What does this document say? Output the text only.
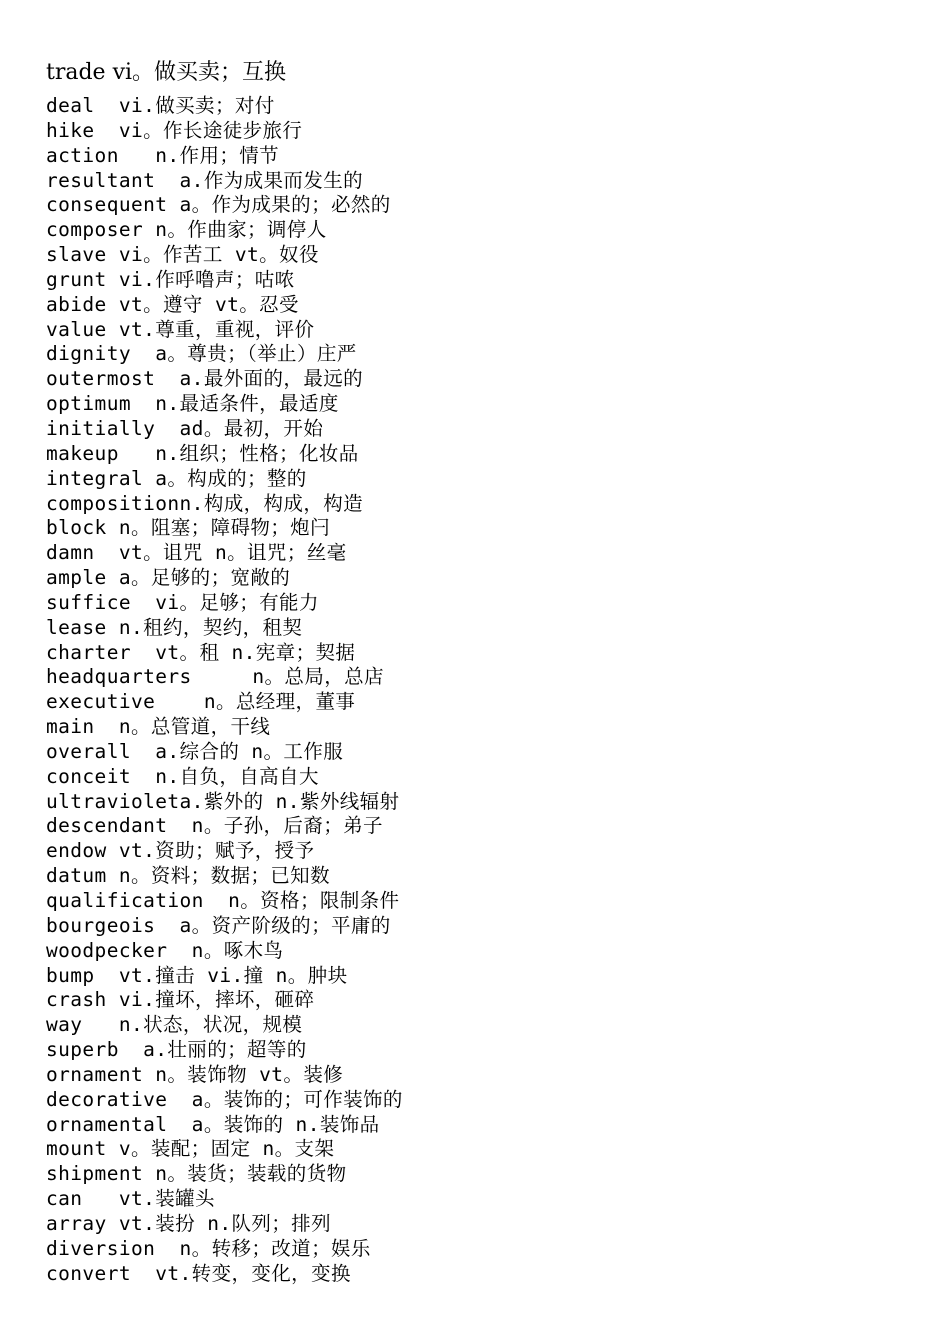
trade vi。做买卖；互换
deal  vi.做买卖；对付
hike  vi。作长途徒步旅行
action   n.作用；情节
resultant  a.作为成果而发生的
consequent a。作为成果的；必然的
composer n。作曲家；调停人
slave vi。作苦工 vt。奴役
grunt vi.作呼噜声；咕哝
abide vt。遵守 vt。忍受
value vt.尊重，重视，评价
dignity  a。尊贵；（举止）庄严
outermost  a.最外面的，最远的
optimum  n.最适条件，最适度
initially  ad。最初，开始
makeup   n.组织；性格；化妆品
integral a。构成的；整的
compositionn.构成，构成，构造
block n。阻塞；障碍物；炮闩
damn  vt。诅咒 n。诅咒；丝毫
ample a。足够的；宽敞的
suffice  vi。足够；有能力
lease n.租约，契约，租契
charter  vt。租 n.宪章；契据
headquarters     n。总局，总店
executive    n。总经理，董事
main  n。总管道，干线
overall  a.综合的 n。工作服
conceit  n.自负，自高自大
ultravioleta.紫外的 n.紫外线辐射
descendant  n。子孙，后裔；弟子
endow vt.资助；赋予，授予
datum n。资料；数据；已知数
qualification  n。资格；限制条件
bourgeois  a。资产阶级的；平庸的
woodpecker  n。啄木鸟
bump  vt.撞击 vi.撞 n。肿块
crash vi.撞坏，摔坏，砸碎
way   n.状态，状况，规模
superb  a.壮丽的；超等的
ornament n。装饰物 vt。装修
decorative  a。装饰的；可作装饰的
ornamental  a。装饰的 n.装饰品
mount v。装配；固定 n。支架
shipment n。装货；装载的货物
can   vt.装罐头
array vt.装扮 n.队列；排列
diversion  n。转移；改道；娱乐
convert  vt.转变，变化，变换
